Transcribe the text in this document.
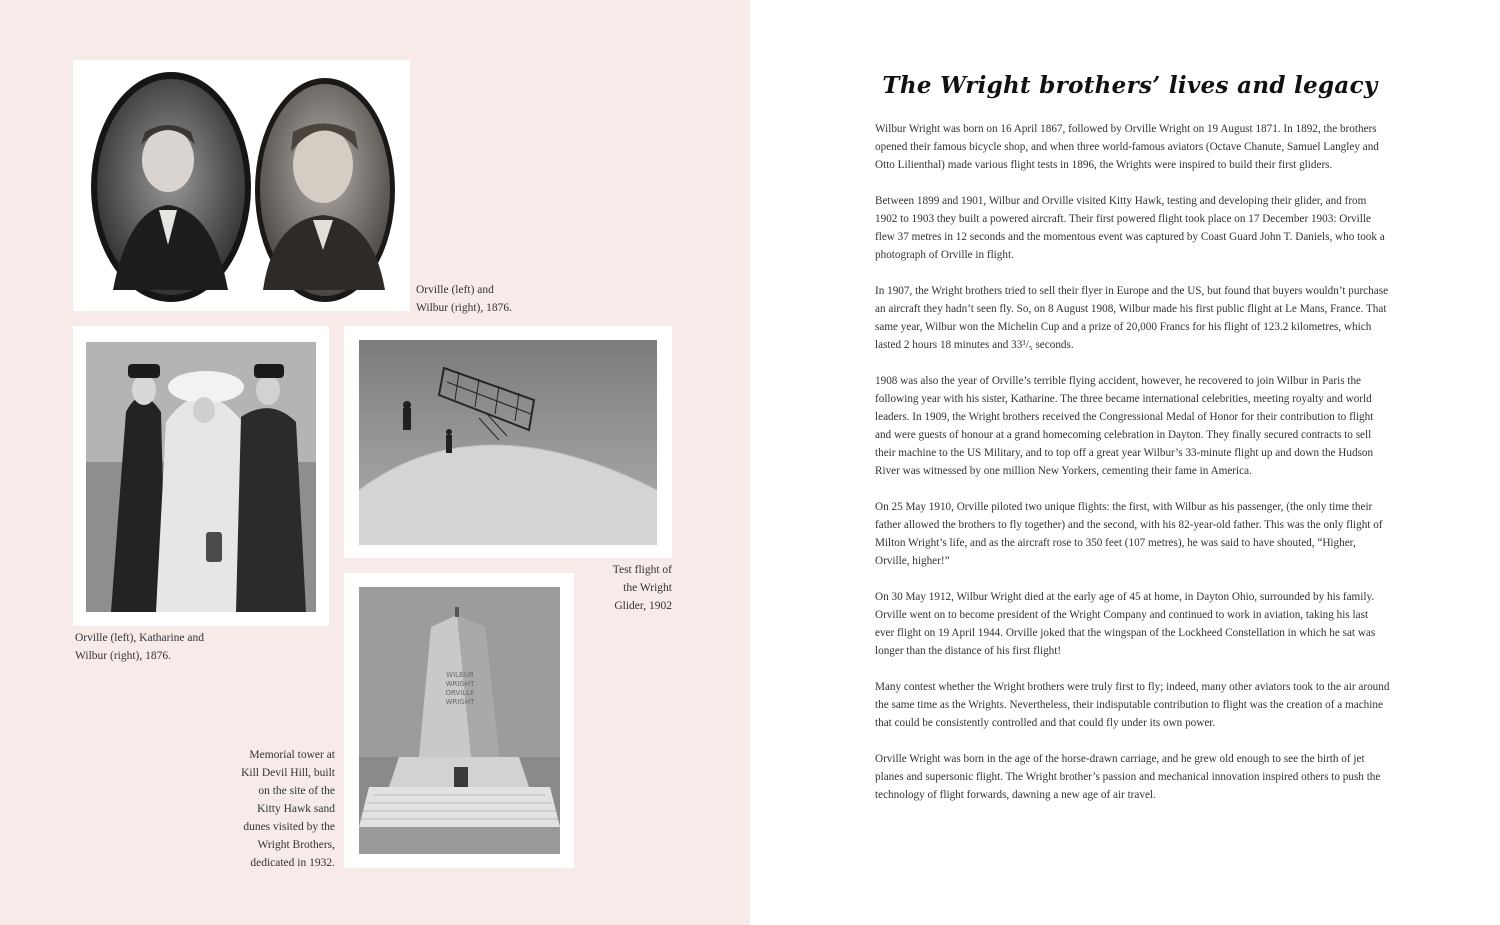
Orville (left) and
Wilbur (right), 1876.
Orville (left), Katharine and
Wilbur (right), 1876.
Test flight of
the Wright
Glider, 1902
WILBUR
WRIGHT
ORVILLE
WRIGHT
Memorial tower at
Kill Devil Hill, built
on the site of the
Kitty Hawk sand
dunes visited by the
Wright Brothers,
dedicated in 1932.
The Wright brothers’ lives and legacy

Wilbur Wright was born on 16 April 1867, followed by Orville Wright on 19 August 1871. In 1892, the brothers opened their famous bicycle shop, and when three world-famous aviators (Octave Chanute, Samuel Langley and Otto Lilienthal) made various flight tests in 1896, the Wrights were inspired to build their first gliders.

Between 1899 and 1901, Wilbur and Orville visited Kitty Hawk, testing and developing their glider, and from 1902 to 1903 they built a powered aircraft. Their first powered flight took place on 17 December 1903: Orville flew 37 metres in 12 seconds and the momentous event was captured by Coast Guard John T. Daniels, who took a photograph of Orville in flight.

In 1907, the Wright brothers tried to sell their flyer in Europe and the US, but found that buyers wouldn’t purchase an aircraft they hadn’t seen fly. So, on 8 August 1908, Wilbur made his first public flight at Le Mans, France. That same year, Wilbur won the Michelin Cup and a prize of 20,000 Francs for his flight of 123.2 kilometres, which lasted 2 hours 18 minutes and 33³/₅ seconds.

1908 was also the year of Orville’s terrible flying accident, however, he recovered to join Wilbur in Paris the following year with his sister, Katharine. The three became international celebrities, meeting royalty and world leaders. In 1909, the Wright brothers received the Congressional Medal of Honor for their contribution to flight and were guests of honour at a grand homecoming celebration in Dayton. They finally secured contracts to sell their machine to the US Military, and to top off a great year Wilbur’s 33-minute flight up and down the Hudson River was witnessed by one million New Yorkers, cementing their fame in America.

On 25 May 1910, Orville piloted two unique flights: the first, with Wilbur as his passenger, (the only time their father allowed the brothers to fly together) and the second, with his 82-year-old father. This was the only flight of Milton Wright’s life, and as the aircraft rose to 350 feet (107 metres), he was said to have shouted, “Higher, Orville, higher!”

On 30 May 1912, Wilbur Wright died at the early age of 45 at home, in Dayton Ohio, surrounded by his family. Orville went on to become president of the Wright Company and continued to work in aviation, taking his last ever flight on 19 April 1944. Orville joked that the wingspan of the Lockheed Constellation in which he sat was longer than the distance of his first flight!

Many contest whether the Wright brothers were truly first to fly; indeed, many other aviators took to the air around the same time as the Wrights. Nevertheless, their indisputable contribution to flight was the creation of a machine that could be consistently controlled and that could fly under its own power.

Orville Wright was born in the age of the horse-drawn carriage, and he grew old enough to see the birth of jet planes and supersonic flight. The Wright brother’s passion and mechanical innovation inspired others to push the technology of flight forwards, dawning a new age of air travel.
